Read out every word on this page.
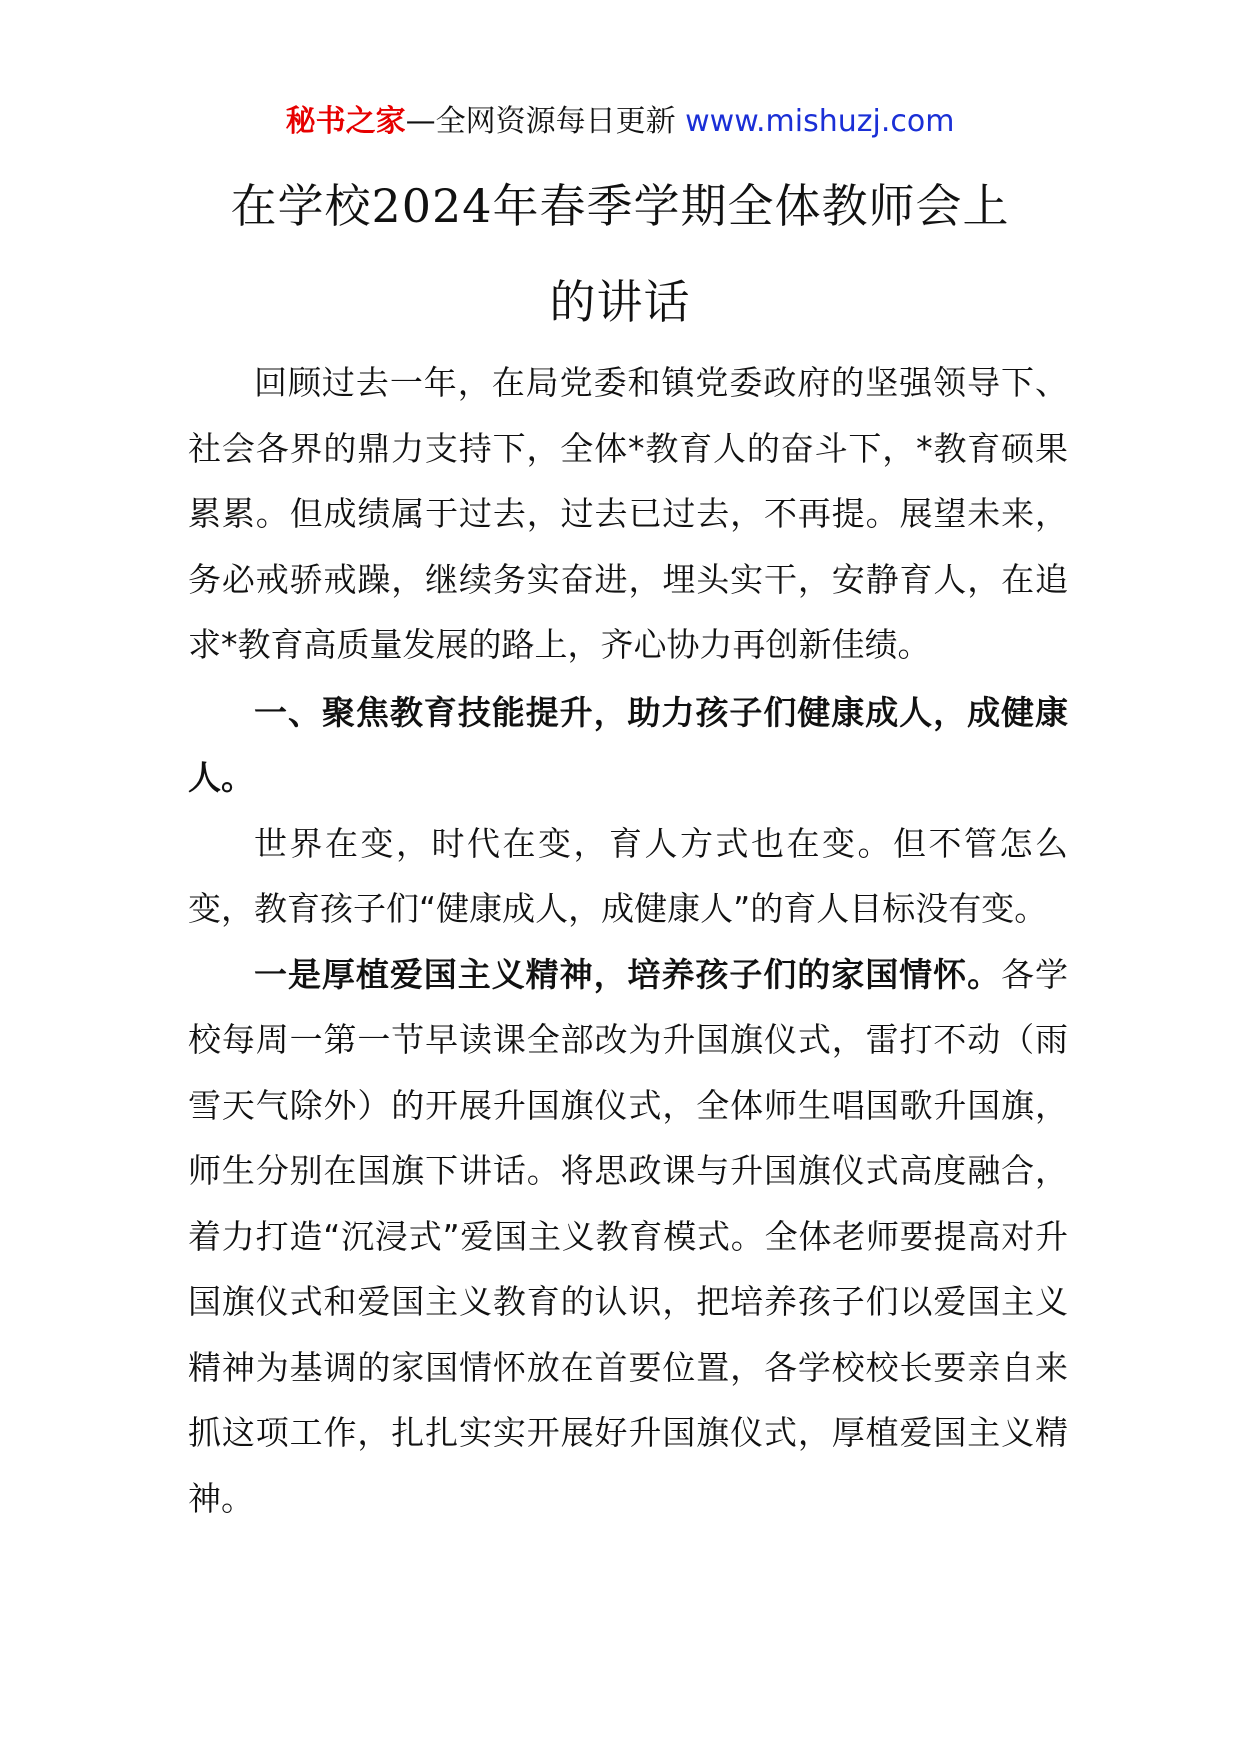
秘书之家—全网资源每日更新 www.mishuzj.com
在学校2024年春季学期全体教师会上
的讲话

回顾过去一年，在局党委和镇党委政府的坚强领导下、社会各界的鼎力支持下，全体*教育人的奋斗下，*教育硕果累累。但成绩属于过去，过去已过去，不再提。展望未来，务必戒骄戒躁，继续务实奋进，埋头实干，安静育人，在追求*教育高质量发展的路上，齐心协力再创新佳绩。

一、聚焦教育技能提升，助力孩子们健康成人，成健康人。

世界在变，时代在变，育人方式也在变。但不管怎么变，教育孩子们“健康成人，成健康人”的育人目标没有变。

一是厚植爱国主义精神，培养孩子们的家国情怀。各学校每周一第一节早读课全部改为升国旗仪式，雷打不动（雨雪天气除外）的开展升国旗仪式，全体师生唱国歌升国旗，师生分别在国旗下讲话。将思政课与升国旗仪式高度融合，着力打造“沉浸式”爱国主义教育模式。全体老师要提高对升国旗仪式和爱国主义教育的认识，把培养孩子们以爱国主义精神为基调的家国情怀放在首要位置，各学校校长要亲自来抓这项工作，扎扎实实开展好升国旗仪式，厚植爱国主义精神。
